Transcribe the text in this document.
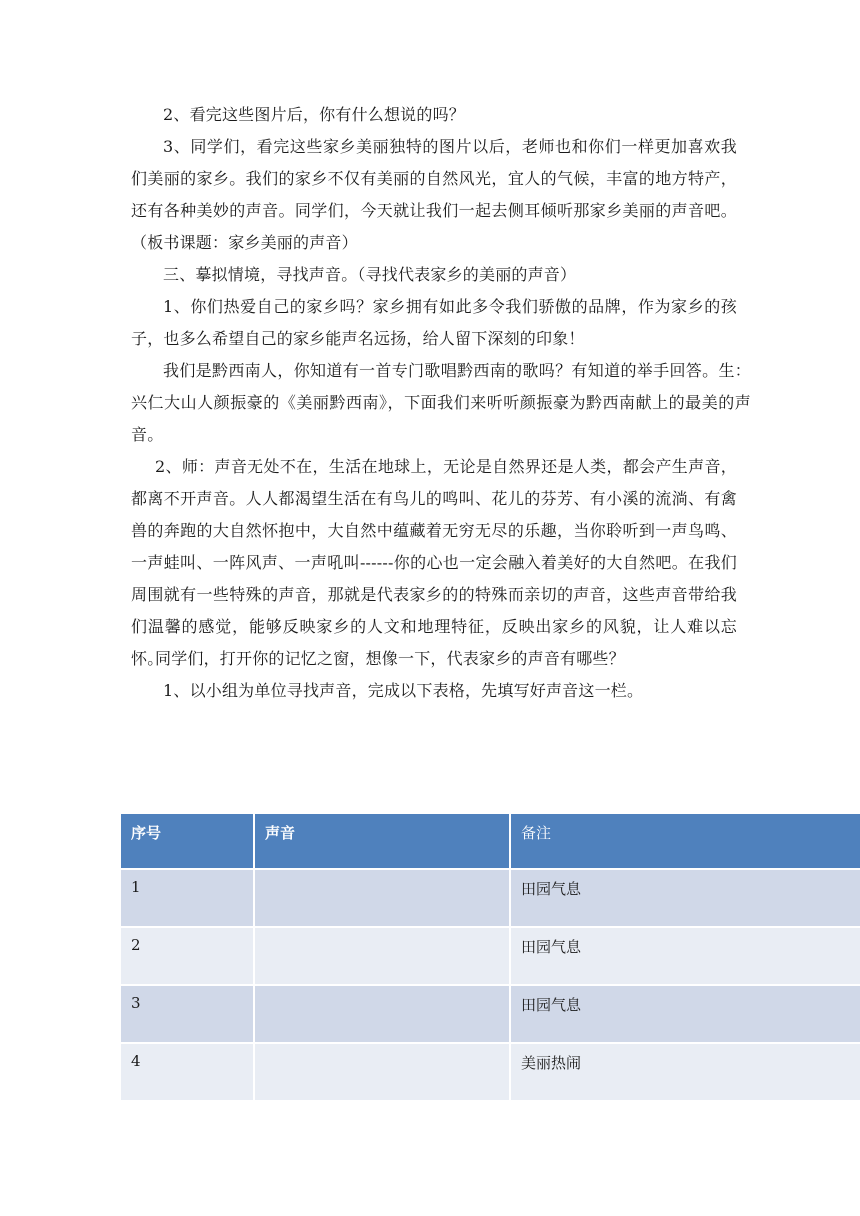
2、看完这些图片后，你有什么想说的吗？

3、同学们，看完这些家乡美丽独特的图片以后，老师也和你们一样更加喜欢我们美丽的家乡。我们的家乡不仅有美丽的自然风光，宜人的气候，丰富的地方特产，还有各种美妙的声音。同学们，今天就让我们一起去侧耳倾听那家乡美丽的声音吧。（板书课题：家乡美丽的声音）

三、摹拟情境，寻找声音。（寻找代表家乡的美丽的声音）

1、你们热爱自己的家乡吗？家乡拥有如此多令我们骄傲的品牌，作为家乡的孩子，也多么希望自己的家乡能声名远扬，给人留下深刻的印象！

我们是黔西南人，你知道有一首专门歌唱黔西南的歌吗？有知道的举手回答。生：兴仁大山人颜振豪的《美丽黔西南》，下面我们来听听颜振豪为黔西南献上的最美的声音。

2、师：声音无处不在，生活在地球上，无论是自然界还是人类，都会产生声音，都离不开声音。人人都渴望生活在有鸟儿的鸣叫、花儿的芬芳、有小溪的流淌、有禽兽的奔跑的大自然怀抱中，大自然中蕴藏着无穷无尽的乐趣，当你聆听到一声鸟鸣、一声蛙叫、一阵风声、一声吼叫------你的心也一定会融入着美好的大自然吧。在我们周围就有一些特殊的声音，那就是代表家乡的的特殊而亲切的声音，这些声音带给我们温馨的感觉，能够反映家乡的人文和地理特征，反映出家乡的风貌，让人难以忘怀。

同学们，打开你的记忆之窗，想像一下，代表家乡的声音有哪些？

1、以小组为单位寻找声音，完成以下表格，先填写好声音这一栏。

序号	声音	备注
1		田园气息
2		田园气息
3		田园气息
4		美丽热闹
